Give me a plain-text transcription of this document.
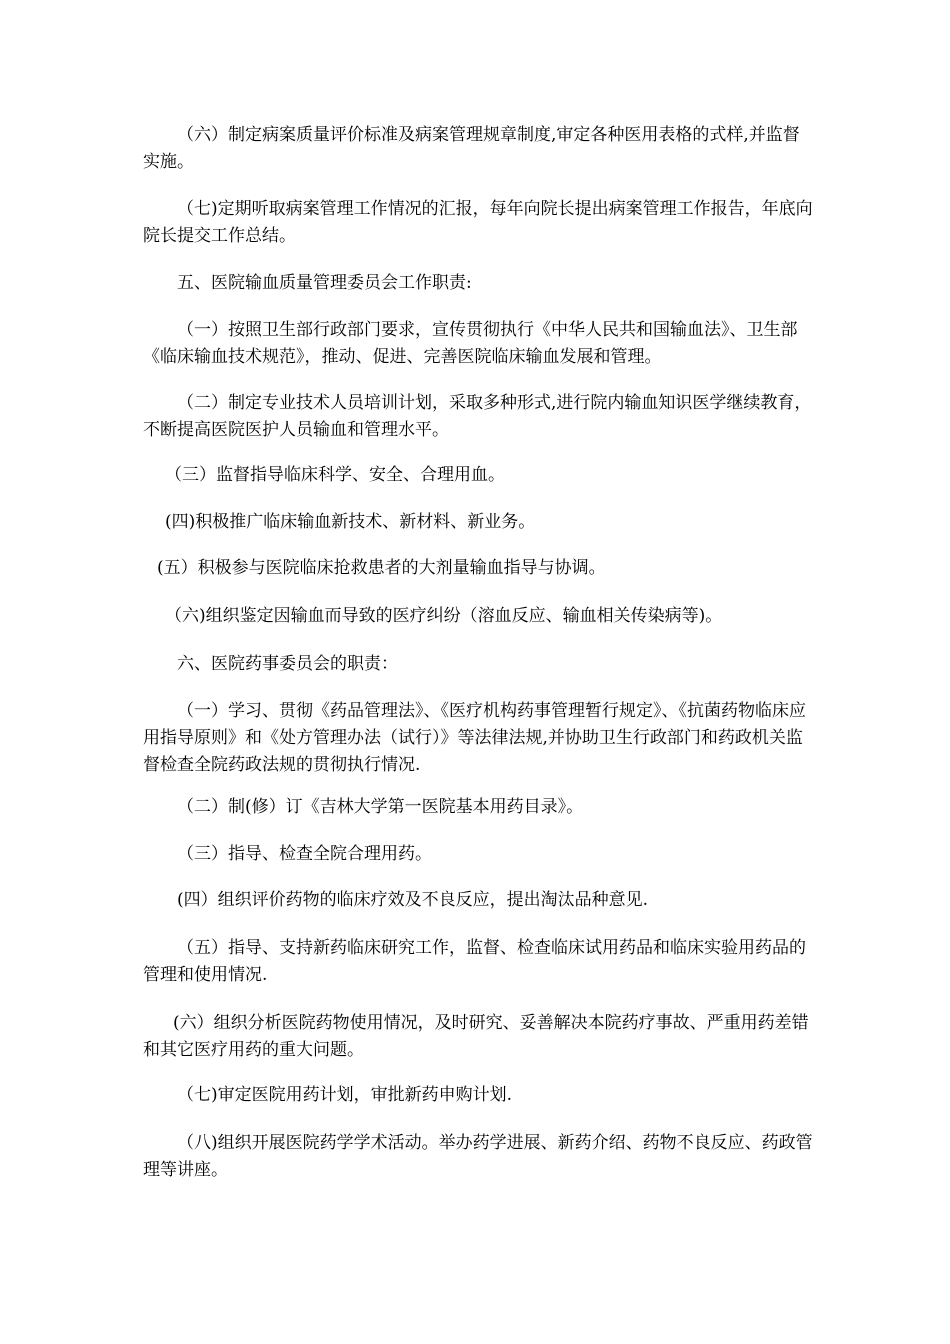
（六）制定病案质量评价标准及病案管理规章制度,审定各种医用表格的式样,并监督实施。

（七)定期听取病案管理工作情况的汇报，每年向院长提出病案管理工作报告，年底向院长提交工作总结。

五、医院输血质量管理委员会工作职责:

（一）按照卫生部行政部门要求，宣传贯彻执行《中华人民共和国输血法》、卫生部《临床输血技术规范》，推动、促进、完善医院临床输血发展和管理。

（二）制定专业技术人员培训计划，采取多种形式,进行院内输血知识医学继续教育，不断提高医院医护人员输血和管理水平。

（三）监督指导临床科学、安全、合理用血。

(四)积极推广临床输血新技术、新材料、新业务。

(五）积极参与医院临床抢救患者的大剂量输血指导与协调。

（六)组织鉴定因输血而导致的医疗纠纷（溶血反应、输血相关传染病等)。

六、医院药事委员会的职责：

（一）学习、贯彻《药品管理法》、《医疗机构药事管理暂行规定》、《抗菌药物临床应用指导原则》和《处方管理办法（试行）》等法律法规,并协助卫生行政部门和药政机关监督检查全院药政法规的贯彻执行情况.

（二）制(修）订《吉林大学第一医院基本用药目录》。

（三）指导、检查全院合理用药。

(四）组织评价药物的临床疗效及不良反应，提出淘汰品种意见.

（五）指导、支持新药临床研究工作，监督、检查临床试用药品和临床实验用药品的管理和使用情况.

(六）组织分析医院药物使用情况，及时研究、妥善解决本院药疗事故、严重用药差错和其它医疗用药的重大问题。

（七)审定医院用药计划，审批新药申购计划.

（八)组织开展医院药学学术活动。举办药学进展、新药介绍、药物不良反应、药政管理等讲座。
